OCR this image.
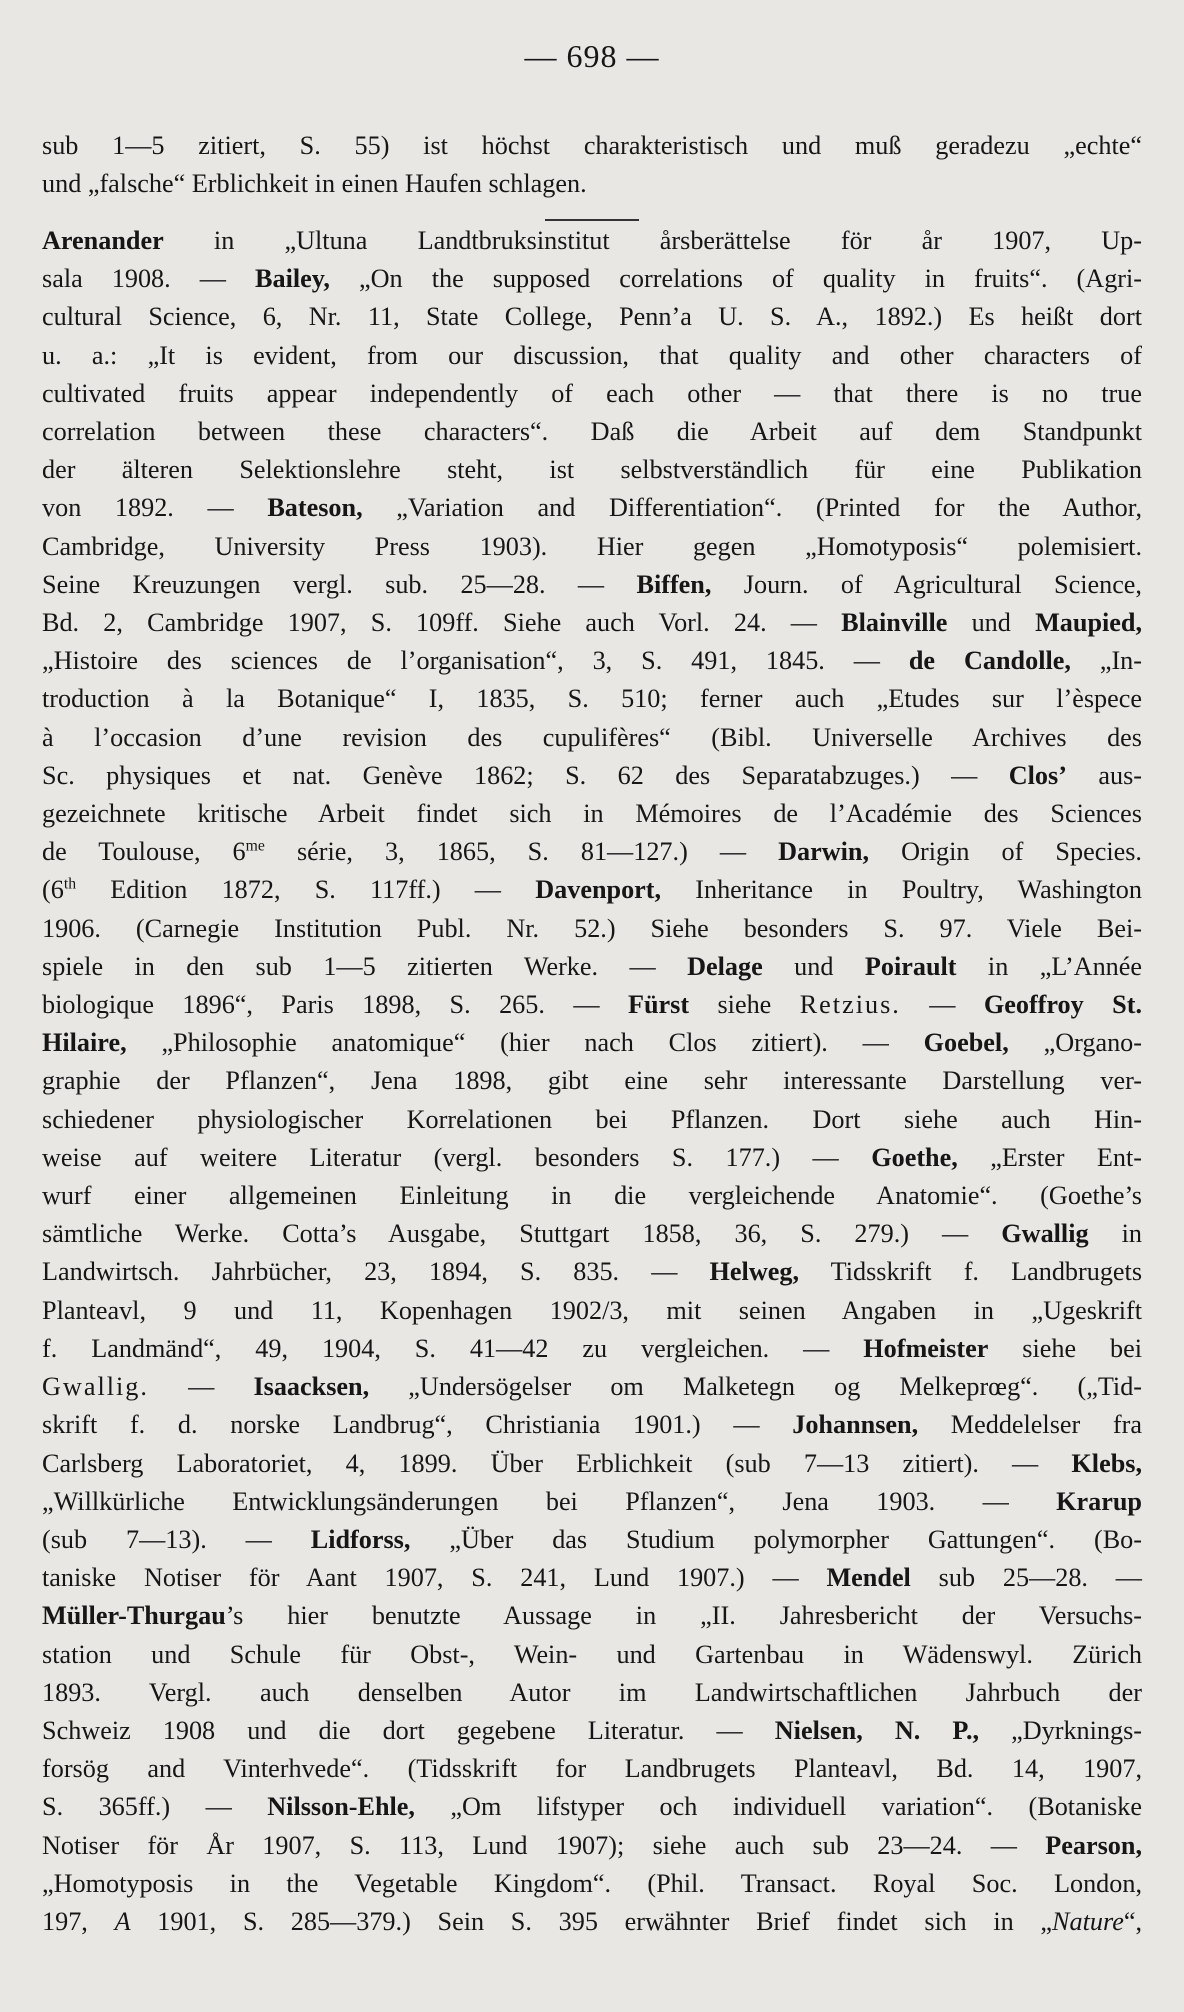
— 698 —
sub 1—5 zitiert, S. 55) ist höchst charakteristisch und muß geradezu „echte“
und „falsche“ Erblichkeit in einen Haufen schlagen.
Arenander in „Ultuna Landtbruksinstitut årsberättelse för år 1907, Up-
sala 1908. — Bailey, „On the supposed correlations of quality in fruits“. (Agri-
cultural Science, 6, Nr. 11, State College, Penn’a U. S. A., 1892.) Es heißt dort
u. a.: „It is evident, from our discussion, that quality and other characters of
cultivated fruits appear independently of each other — that there is no true
correlation between these characters“. Daß die Arbeit auf dem Standpunkt
der älteren Selektionslehre steht, ist selbstverständlich für eine Publikation
von 1892. — Bateson, „Variation and Differentiation“. (Printed for the Author,
Cambridge, University Press 1903). Hier gegen „Homotyposis“ polemisiert.
Seine Kreuzungen vergl. sub. 25—28. — Biffen, Journ. of Agricultural Science,
Bd. 2, Cambridge 1907, S. 109ff. Siehe auch Vorl. 24. — Blainville und Maupied,
„Histoire des sciences de l’organisation“, 3, S. 491, 1845. — de Candolle, „In-
troduction à la Botanique“ I, 1835, S. 510; ferner auch „Etudes sur l’èspece
à l’occasion d’une revision des cupulifères“ (Bibl. Universelle Archives des
Sc. physiques et nat. Genève 1862; S. 62 des Separatabzuges.) — Clos’ aus-
gezeichnete kritische Arbeit findet sich in Mémoires de l’Académie des Sciences
de Toulouse, $6^{me}$ série, 3, 1865, S. 81—127.) — Darwin, Origin of Species.
(6th Edition 1872, S. 117ff.) — Davenport, Inheritance in Poultry, Washington
1906. (Carnegie Institution Publ. Nr. 52.) Siehe besonders S. 97. Viele Bei-
spiele in den sub 1—5 zitierten Werke. — Delage und Poirault in „L’Année
biologique 1896“, Paris 1898, S. 265. — Fürst siehe Retzius. — Geoffroy St.
Hilaire, „Philosophie anatomique“ (hier nach Clos zitiert). — Goebel, „Organo-
graphie der Pflanzen“, Jena 1898, gibt eine sehr interessante Darstellung ver-
schiedener physiologischer Korrelationen bei Pflanzen. Dort siehe auch Hin-
weise auf weitere Literatur (vergl. besonders S. 177.) — Goethe, „Erster Ent-
wurf einer allgemeinen Einleitung in die vergleichende Anatomie“. (Goethe’s
sämtliche Werke. Cotta’s Ausgabe, Stuttgart 1858, 36, S. 279.) — Gwallig in
Landwirtsch. Jahrbücher, 23, 1894, S. 835. — Helweg, Tidsskrift f. Landbrugets
Planteavl, 9 und 11, Kopenhagen 1902/3, mit seinen Angaben in „Ugeskrift
f. Landmänd“, 49, 1904, S. 41—42 zu vergleichen. — Hofmeister siehe bei
Gwallig. — Isaacksen, „Undersögelser om Malketegn og Melkeprœg“. („Tid-
skrift f. d. norske Landbrug“, Christiania 1901.) — Johannsen, Meddelelser fra
Carlsberg Laboratoriet, 4, 1899. Über Erblichkeit (sub 7—13 zitiert). — Klebs,
„Willkürliche Entwicklungsänderungen bei Pflanzen“, Jena 1903. — Krarup
(sub 7—13). — Lidforss, „Über das Studium polymorpher Gattungen“. (Bo-
taniske Notiser för Aant 1907, S. 241, Lund 1907.) — Mendel sub 25—28. —
Müller-Thurgau’s hier benutzte Aussage in „II. Jahresbericht der Versuchs-
station und Schule für Obst-, Wein- und Gartenbau in Wädenswyl. Zürich
1893. Vergl. auch denselben Autor im Landwirtschaftlichen Jahrbuch der
Schweiz 1908 und die dort gegebene Literatur. — Nielsen, N. P., „Dyrknings-
forsög and Vinterhvede“. (Tidsskrift for Landbrugets Planteavl, Bd. 14, 1907,
S. 365ff.) — Nilsson-Ehle, „Om lifstyper och individuell variation“. (Botaniske
Notiser för År 1907, S. 113, Lund 1907); siehe auch sub 23—24. — Pearson,
„Homotyposis in the Vegetable Kingdom“. (Phil. Transact. Royal Soc. London,
197, A 1901, S. 285—379.) Sein S. 395 erwähnter Brief findet sich in „Nature“,
